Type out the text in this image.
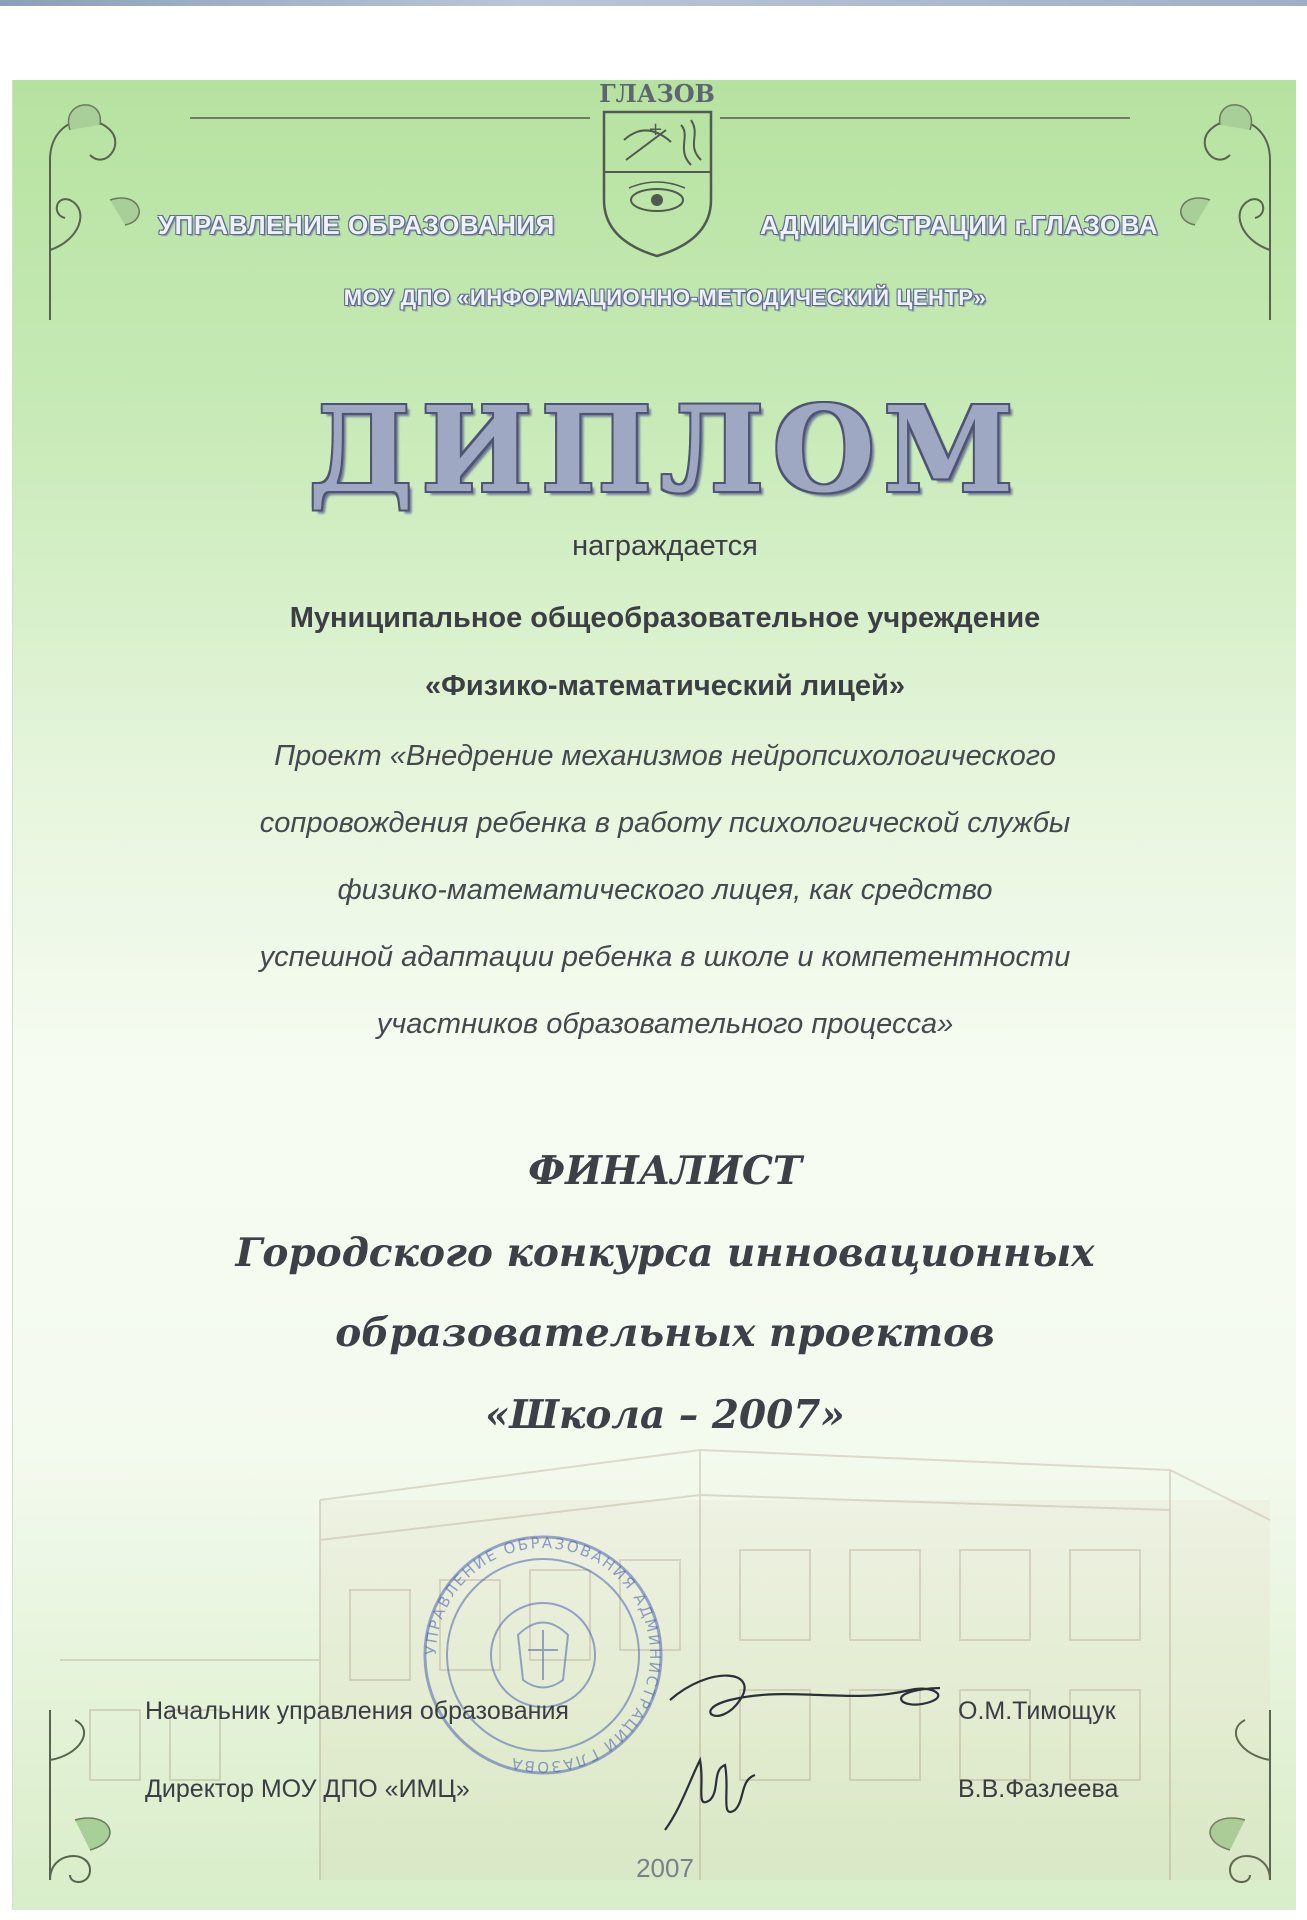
ГЛАЗОВ
+
УПРАВЛЕНИЕ ОБРАЗОВАНИЯ	АДМИНИСТРАЦИИ г.ГЛАЗОВА
МОУ ДПО «ИНФОРМАЦИОННО-МЕТОДИЧЕСКИЙ ЦЕНТР»
ДИПЛОМ
награждается
Муниципальное общеобразовательное учреждение
«Физико-математический лицей»
Проект «Внедрение механизмов нейропсихологического
сопровождения ребенка в работу психологической службы
физико-математического лицея, как средство
успешной адаптации ребенка в школе и компетентности
участников образовательного процесса»
ФИНАЛИСТ
Городского конкурса инновационных
образовательных проектов
«Школа – 2007»
УПРАВЛЕНИЕ ОБРАЗОВАНИЯ АДМИНИСТРАЦИИ ГЛАЗОВА
Начальник управления образования	О.М.Тимощук
Директор МОУ ДПО «ИМЦ»	В.В.Фазлеева
2007
